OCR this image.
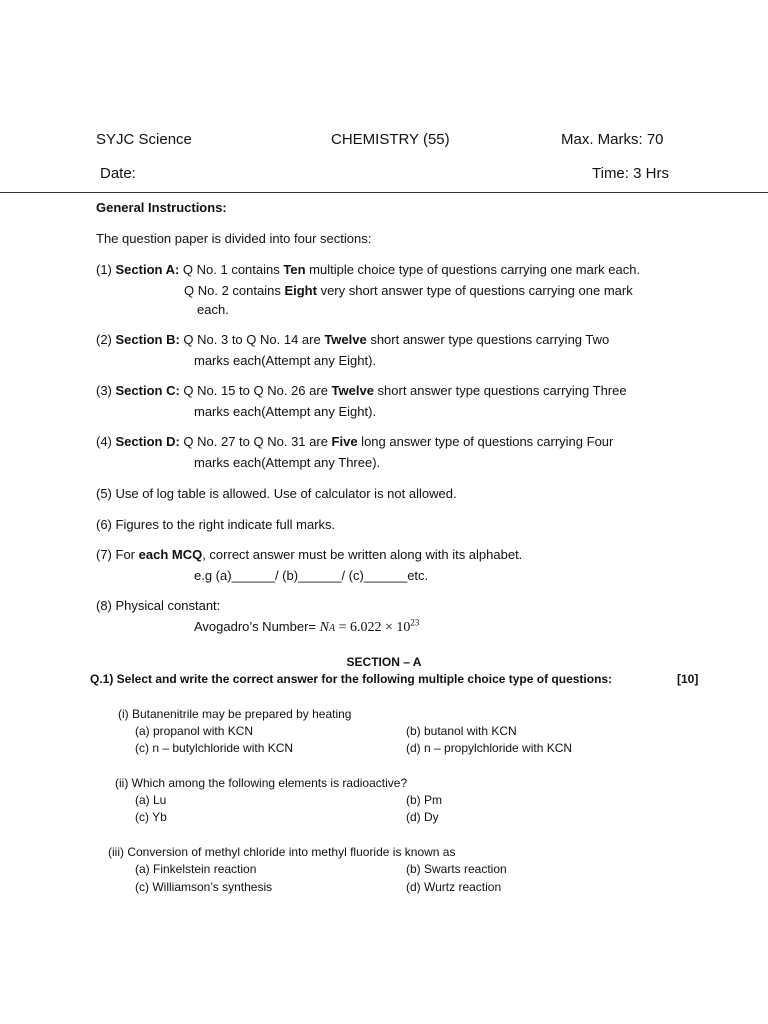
SYJC Science	CHEMISTRY (55)	Max. Marks: 70
Date:	Time: 3 Hrs
General Instructions:
The question paper is divided into four sections:
(1) Section A: Q No. 1 contains Ten multiple choice type of questions carrying one mark each.
Q No. 2 contains Eight very short answer type of questions carrying one mark
each.
(2) Section B: Q No. 3 to Q No. 14 are Twelve short answer type questions carrying Two
marks each(Attempt any Eight).
(3) Section C: Q No. 15 to Q No. 26 are Twelve short answer type questions carrying Three
marks each(Attempt any Eight).
(4) Section D: Q No. 27 to Q No. 31 are Five long answer type of questions carrying Four
marks each(Attempt any Three).
(5) Use of log table is allowed. Use of calculator is not allowed.
(6) Figures to the right indicate full marks.
(7) For each MCQ, correct answer must be written along with its alphabet.
e.g (a)______/ (b)______/ (c)______etc.
(8) Physical constant:
Avogadro’s Number= NA = $6.022 \times 10^{23}$
SECTION – A
Q.1) Select and write the correct answer for the following multiple choice type of questions:	[10]
(i) Butanenitrile may be prepared by heating
(a) propanol with KCN	(b) butanol with KCN
(c) n – butylchloride with KCN	(d) n – propylchloride with KCN
(ii) Which among the following elements is radioactive?
(a) Lu	(b) Pm
(c) Yb	(d) Dy
(iii) Conversion of methyl chloride into methyl fluoride is known as
(a) Finkelstein reaction	(b) Swarts reaction
(c) Williamson’s synthesis	(d) Wurtz reaction
